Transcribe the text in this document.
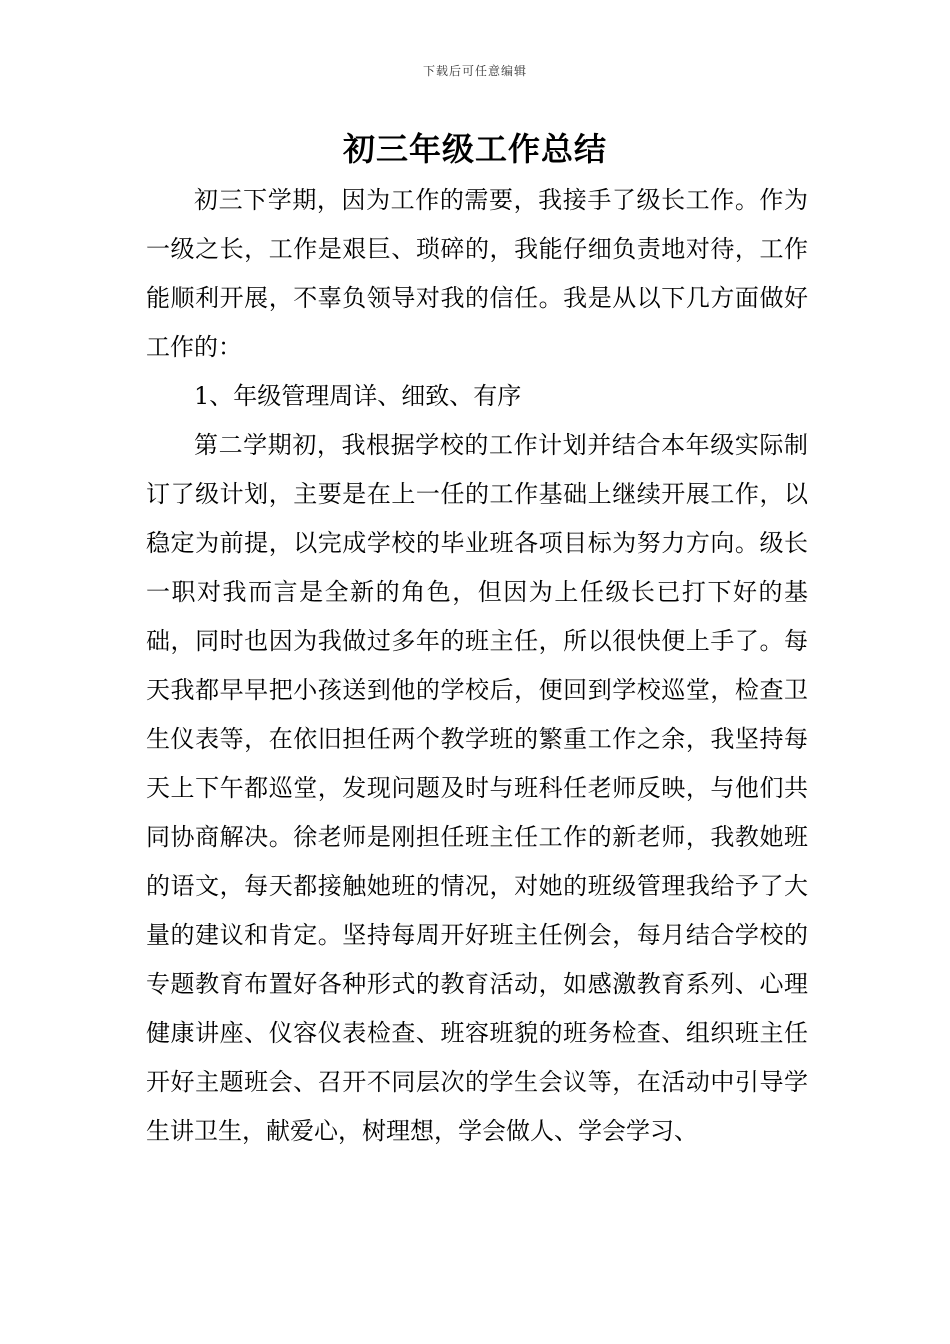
下载后可任意编辑
初三年级工作总结

初三下学期，因为工作的需要，我接手了级长工作。作为一级之长，工作是艰巨、琐碎的，我能仔细负责地对待，工作能顺利开展，不辜负领导对我的信任。我是从以下几方面做好工作的：

1、年级管理周详、细致、有序

第二学期初，我根据学校的工作计划并结合本年级实际制订了级计划，主要是在上一任的工作基础上继续开展工作，以稳定为前提，以完成学校的毕业班各项目标为努力方向。级长一职对我而言是全新的角色，但因为上任级长已打下好的基础，同时也因为我做过多年的班主任，所以很快便上手了。每天我都早早把小孩送到他的学校后，便回到学校巡堂，检查卫生仪表等，在依旧担任两个教学班的繁重工作之余，我坚持每天上下午都巡堂，发现问题及时与班科任老师反映，与他们共同协商解决。徐老师是刚担任班主任工作的新老师，我教她班的语文，每天都接触她班的情况，对她的班级管理我给予了大量的建议和肯定。坚持每周开好班主任例会，每月结合学校的专题教育布置好各种形式的教育活动，如感激教育系列、心理健康讲座、仪容仪表检查、班容班貌的班务检查、组织班主任开好主题班会、召开不同层次的学生会议等，在活动中引导学生讲卫生，献爱心，树理想，学会做人、学会学习、
